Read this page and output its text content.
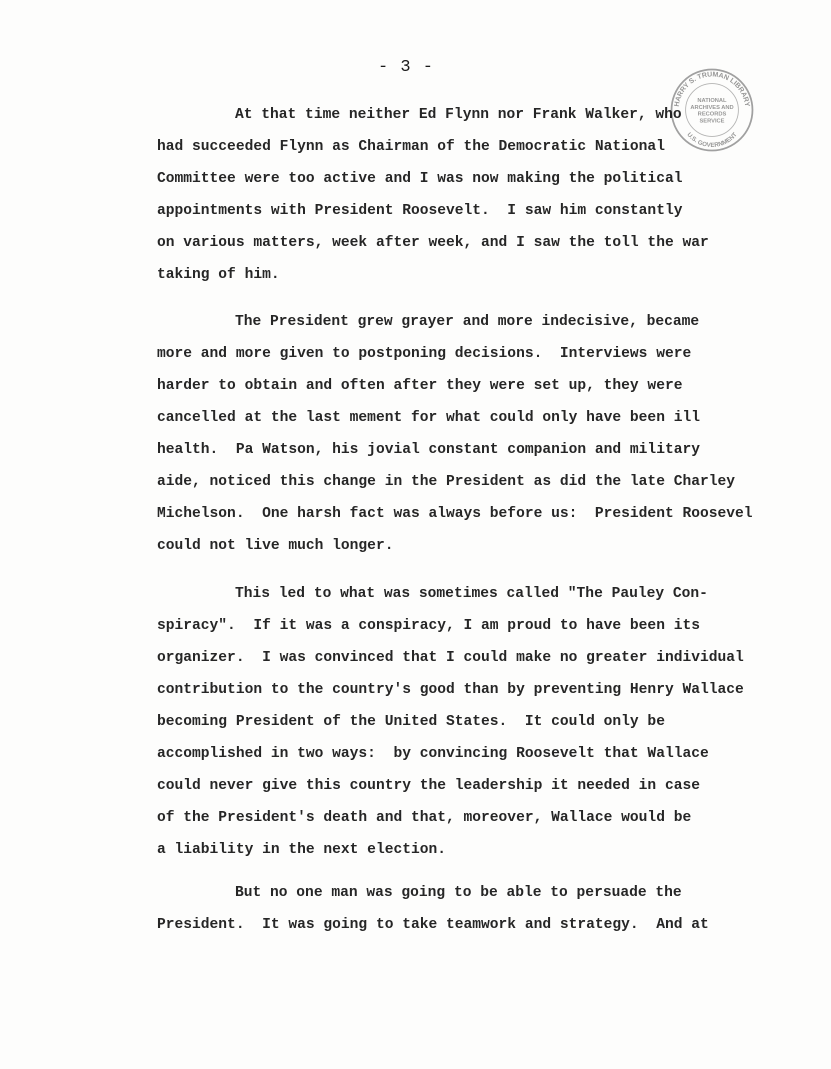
- 3 -
HARRY S. TRUMAN LIBRARY
U.S. GOVERNMENT
NATIONAL ARCHIVES AND RECORDS SERVICE
At that time neither Ed Flynn nor Frank Walker, who
had succeeded Flynn as Chairman of the Democratic National
Committee were too active and I was now making the political
appointments with President Roosevelt.  I saw him constantly
on various matters, week after week, and I saw the toll the war
taking of him.
The President grew grayer and more indecisive, became
more and more given to postponing decisions.  Interviews were
harder to obtain and often after they were set up, they were
cancelled at the last mement for what could only have been ill
health.  Pa Watson, his jovial constant companion and military
aide, noticed this change in the President as did the late Charley
Michelson.  One harsh fact was always before us:  President Roosevel
could not live much longer.
This led to what was sometimes called "The Pauley Con-
spiracy".  If it was a conspiracy, I am proud to have been its
organizer.  I was convinced that I could make no greater individual
contribution to the country's good than by preventing Henry Wallace
becoming President of the United States.  It could only be
accomplished in two ways:  by convincing Roosevelt that Wallace
could never give this country the leadership it needed in case
of the President's death and that, moreover, Wallace would be
a liability in the next election.
But no one man was going to be able to persuade the
President.  It was going to take teamwork and strategy.  And at
